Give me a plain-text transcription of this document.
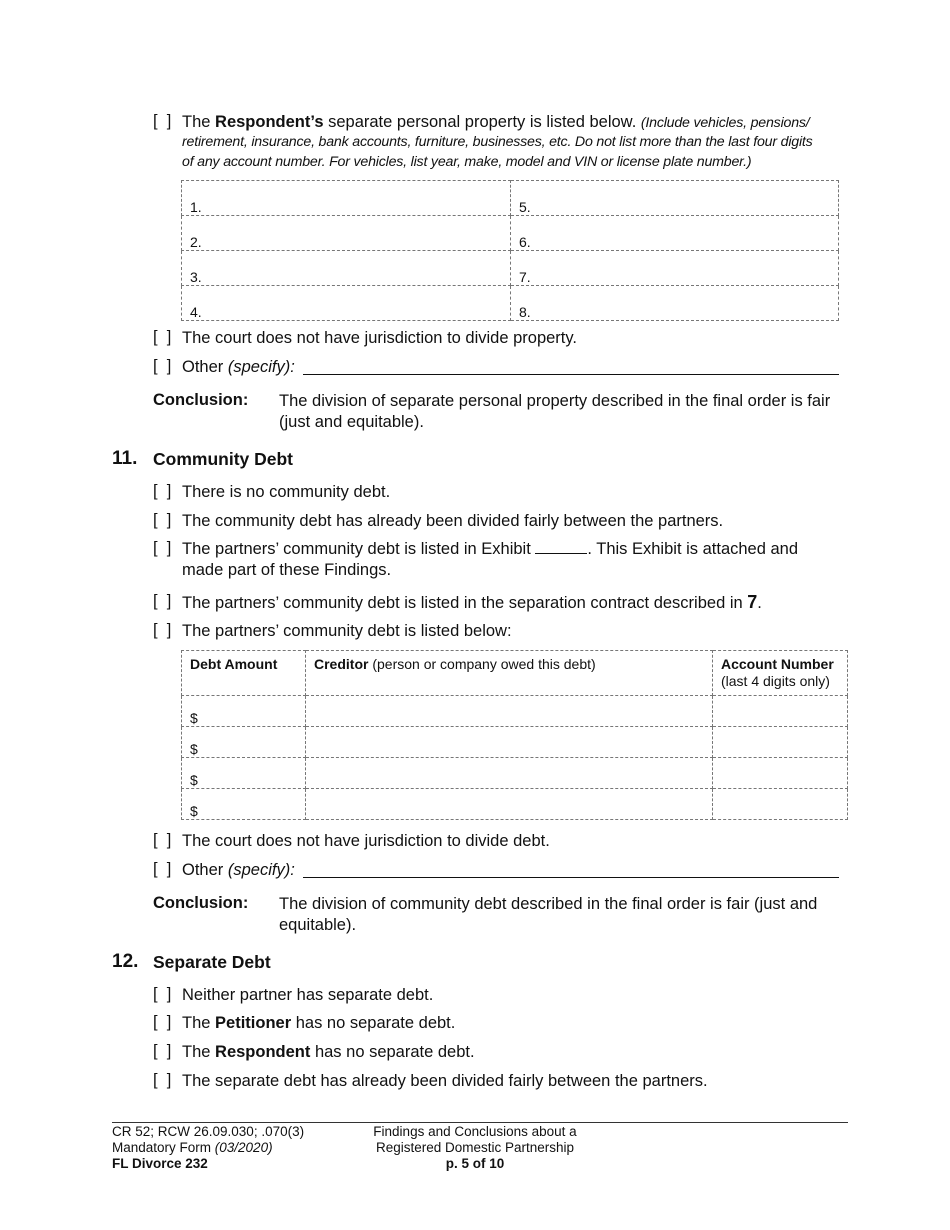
[  ] The Respondent’s separate personal property is listed below. (Include vehicles, pensions/
retirement, insurance, bank accounts, furniture, businesses, etc. Do not list more than the last four digits
of any account number. For vehicles, list year, make, model and VIN or license plate number.)
1.	5.
2.	6.
3.	7.
4.	8.
[  ] The court does not have jurisdiction to divide property.
[  ] Other (specify):
Conclusion: The division of separate personal property described in the final order is fair (just and equitable).
11. Community Debt
[  ] There is no community debt.
[  ] The community debt has already been divided fairly between the partners.
[  ] The partners’ community debt is listed in Exhibit	. This Exhibit is attached and
made part of these Findings.
[  ] The partners’ community debt is listed in the separation contract described in 7.
[  ] The partners’ community debt is listed below:
Debt Amount	Creditor (person or company owed this debt)	Account Number
(last 4 digits only)
$		
$		
$		
$		
[  ] The court does not have jurisdiction to divide debt.
[  ] Other (specify):
Conclusion: The division of community debt described in the final order is fair (just and equitable).
12. Separate Debt
[  ] Neither partner has separate debt.
[  ] The Petitioner has no separate debt.
[  ] The Respondent has no separate debt.
[  ] The separate debt has already been divided fairly between the partners.
CR 52; RCW 26.09.030; .070(3)
Mandatory Form (03/2020)
FL Divorce 232
Findings and Conclusions about a
Registered Domestic Partnership
p. 5 of 10
